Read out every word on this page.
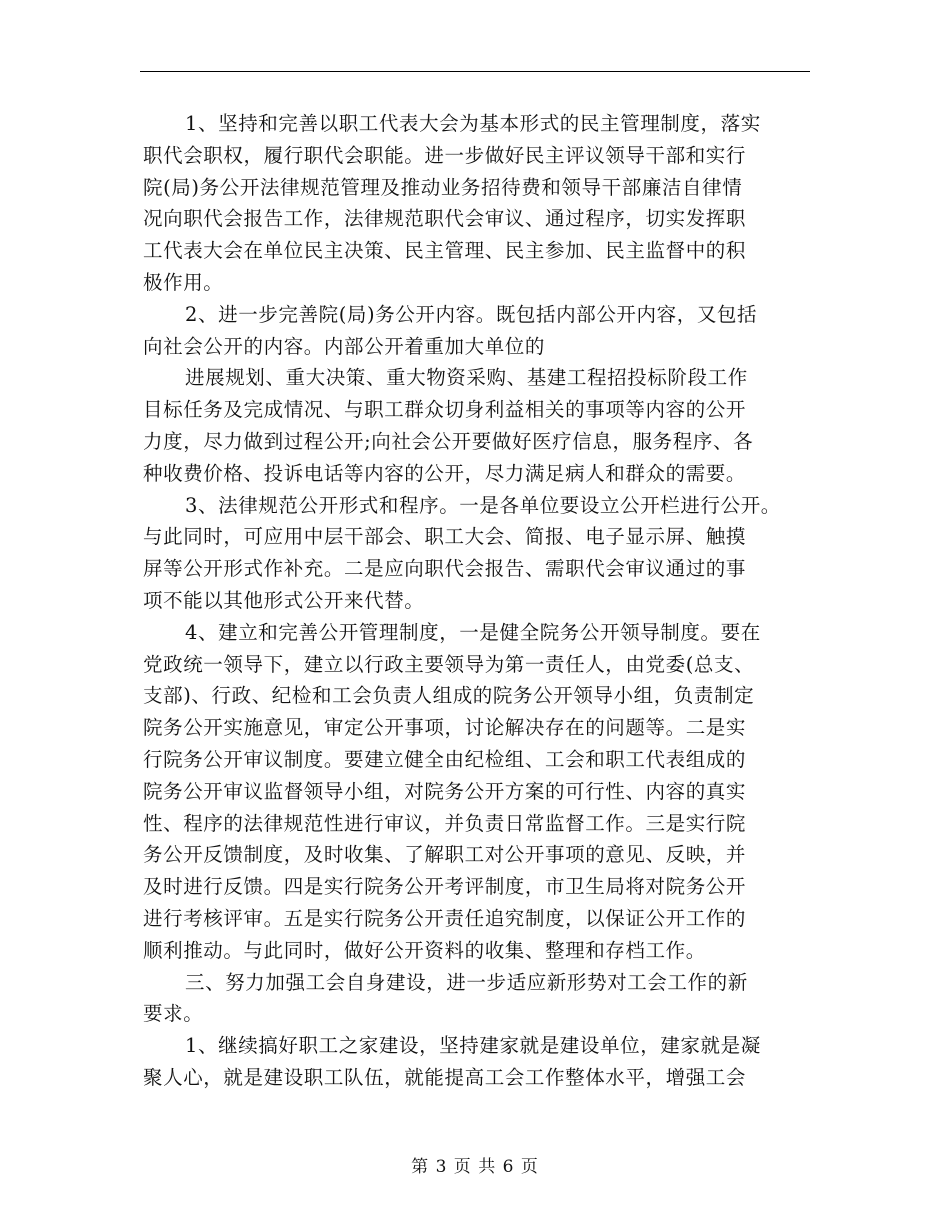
1、坚持和完善以职工代表大会为基本形式的民主管理制度，落实
职代会职权，履行职代会职能。进一步做好民主评议领导干部和实行
院(局)务公开法律规范管理及推动业务招待费和领导干部廉洁自律情
况向职代会报告工作，法律规范职代会审议、通过程序，切实发挥职
工代表大会在单位民主决策、民主管理、民主参加、民主监督中的积
极作用。
2、进一步完善院(局)务公开内容。既包括内部公开内容，又包括
向社会公开的内容。内部公开着重加大单位的
进展规划、重大决策、重大物资采购、基建工程招投标阶段工作
目标任务及完成情况、与职工群众切身利益相关的事项等内容的公开
力度，尽力做到过程公开;向社会公开要做好医疗信息，服务程序、各
种收费价格、投诉电话等内容的公开，尽力满足病人和群众的需要。
3、法律规范公开形式和程序。一是各单位要设立公开栏进行公开。
与此同时，可应用中层干部会、职工大会、简报、电子显示屏、触摸
屏等公开形式作补充。二是应向职代会报告、需职代会审议通过的事
项不能以其他形式公开来代替。
4、建立和完善公开管理制度，一是健全院务公开领导制度。要在
党政统一领导下，建立以行政主要领导为第一责任人，由党委(总支、
支部)、行政、纪检和工会负责人组成的院务公开领导小组，负责制定
院务公开实施意见，审定公开事项，讨论解决存在的问题等。二是实
行院务公开审议制度。要建立健全由纪检组、工会和职工代表组成的
院务公开审议监督领导小组，对院务公开方案的可行性、内容的真实
性、程序的法律规范性进行审议，并负责日常监督工作。三是实行院
务公开反馈制度，及时收集、了解职工对公开事项的意见、反映，并
及时进行反馈。四是实行院务公开考评制度，市卫生局将对院务公开
进行考核评审。五是实行院务公开责任追究制度，以保证公开工作的
顺利推动。与此同时，做好公开资料的收集、整理和存档工作。
三、努力加强工会自身建设，进一步适应新形势对工会工作的新
要求。
1、继续搞好职工之家建设，坚持建家就是建设单位，建家就是凝
聚人心，就是建设职工队伍，就能提高工会工作整体水平，增强工会
第 3 页 共 6 页
